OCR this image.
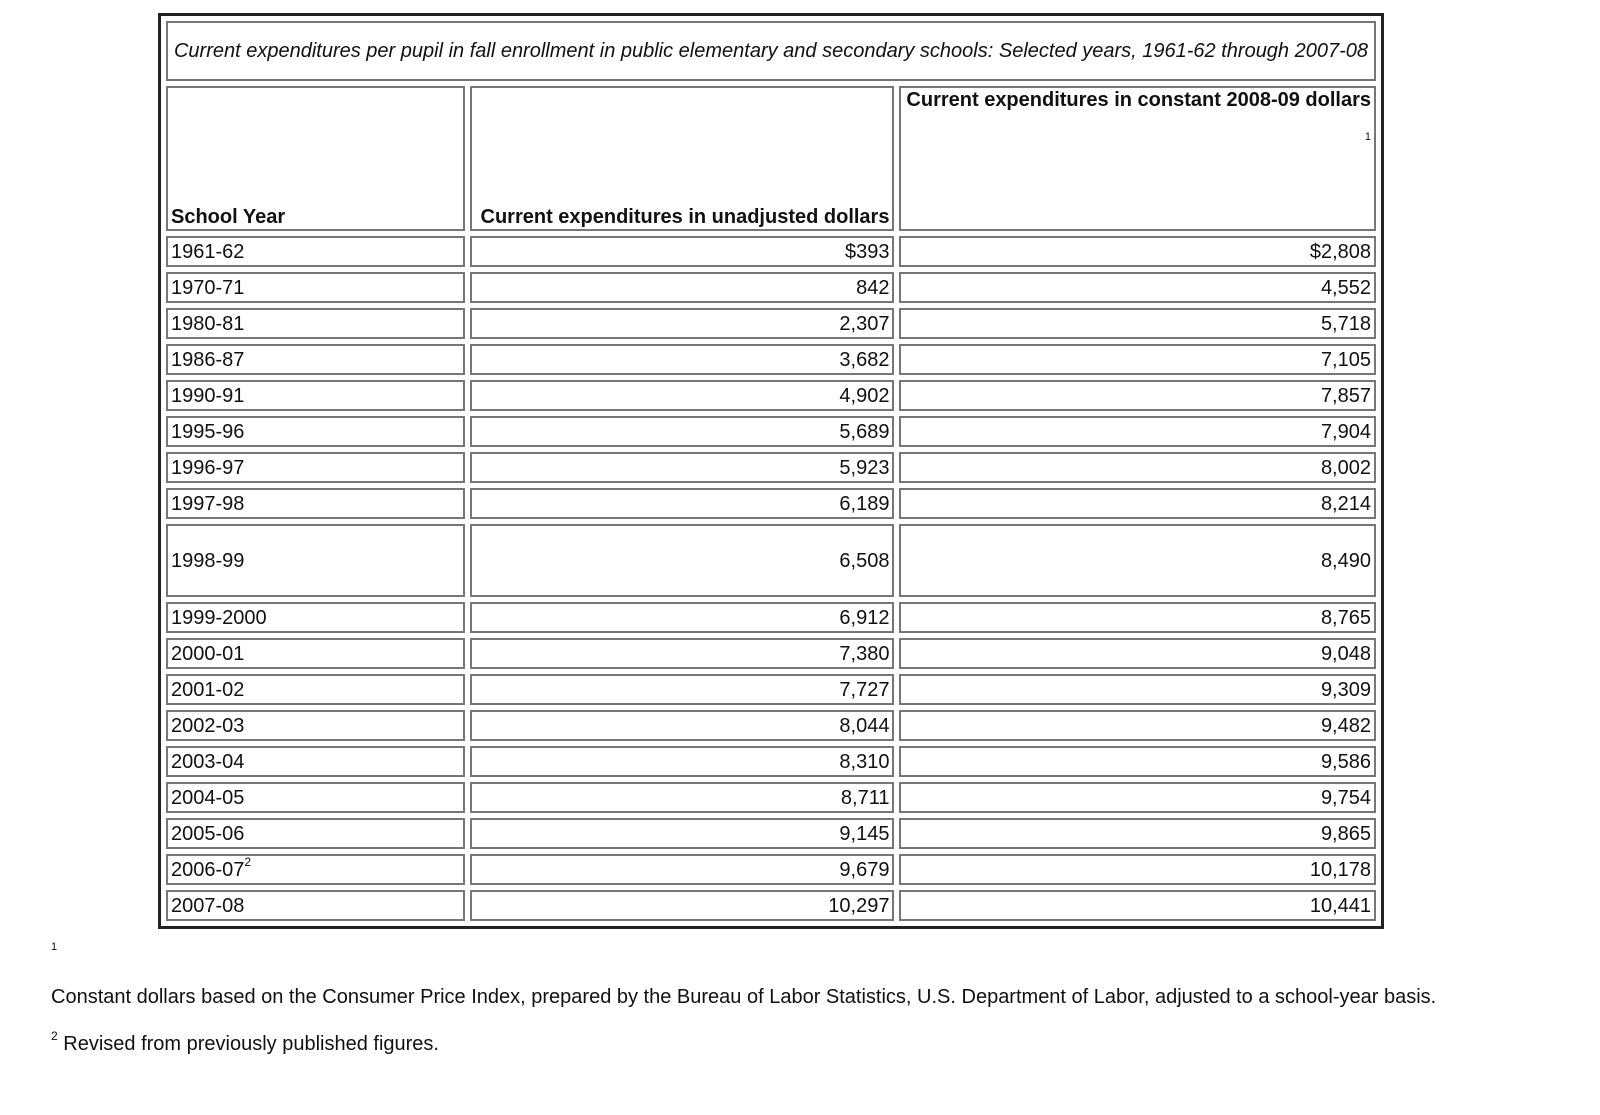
Current expenditures per pupil in fall enrollment in public elementary and secondary schools: Selected years, 1961-62 through 2007-08		
School Year	Current expenditures in unadjusted dollars	Current expenditures in constant 2008-09 dollars
1

1961-62	$393	$2,808
1970-71	842	4,552
1980-81	2,307	5,718
1986-87	3,682	7,105
1990-91	4,902	7,857
1995-96	5,689	7,904
1996-97	5,923	8,002
1997-98	6,189	8,214
1998-99	6,508	8,490
1999-2000	6,912	8,765
2000-01	7,380	9,048
2001-02	7,727	9,309
2002-03	8,044	9,482
2003-04	8,310	9,586
2004-05	8,711	9,754
2005-06	9,145	9,865
$2006-07^2$	9,679	10,178
2007-08	10,297	10,441
1
Constant dollars based on the Consumer Price Index, prepared by the Bureau of Labor Statistics, U.S. Department of Labor, adjusted to a school-year basis.
$^2$ Revised from previously published figures.
